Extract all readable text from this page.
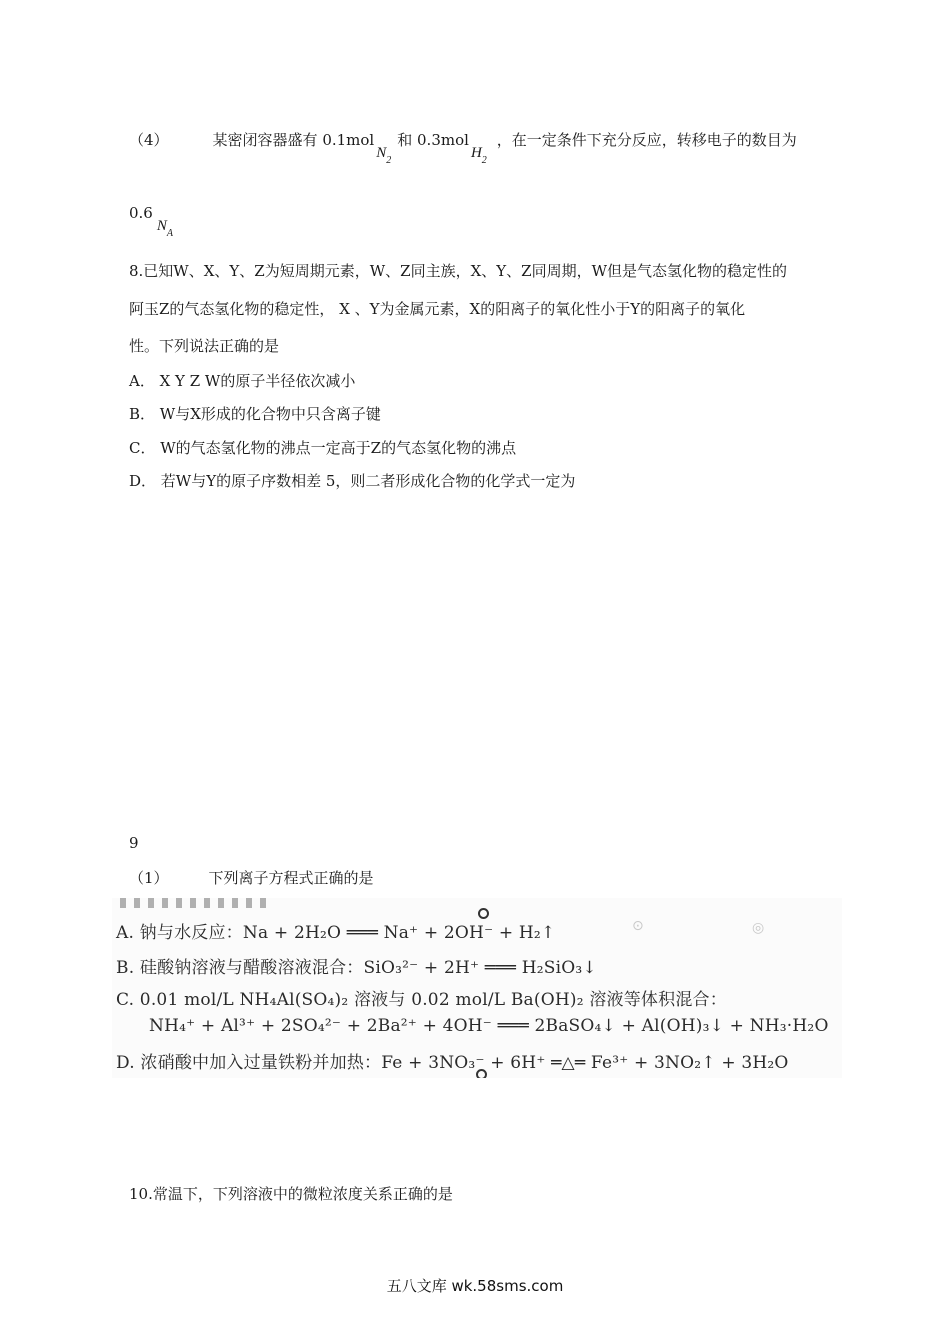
（4）	某密闭容器盛有 0.1molN$_2$和 0.3molH$_2$，在一定条件下充分反应，转移电子的数目为
$0.6N_A$
8.已知W、X、Y、Z为短周期元素，W、Z同主族，X、Y、Z同周期，W但是气态氢化物的稳定性的
阿玉Z的气态氢化物的稳定性， X 、Y为金属元素，X的阳离子的氧化性小于Y的阳离子的氧化
性。下列说法正确的是
A． X Y Z W的原子半径依次减小
B． W与X形成的化合物中只含离子键
C． W的气态氢化物的沸点一定高于Z的气态氢化物的沸点
D． 若W与Y的原子序数相差 5，则二者形成化合物的化学式一定为
9
（1）	下列离子方程式正确的是
⊙	◎
A. 钠与水反应：Na + 2H₂O ═══ Na⁺ + 2OH⁻ + H₂↑
B. 硅酸钠溶液与醋酸溶液混合：SiO₃²⁻ + 2H⁺ ═══ H₂SiO₃↓
C. 0.01 mol/L NH₄Al(SO₄)₂ 溶液与 0.02 mol/L Ba(OH)₂ 溶液等体积混合：
NH₄⁺ + Al³⁺ + 2SO₄²⁻ + 2Ba²⁺ + 4OH⁻ ═══ 2BaSO₄↓ + Al(OH)₃↓ + NH₃·H₂O
D. 浓硝酸中加入过量铁粉并加热：Fe + 3NO₃⁻ + 6H⁺ ═△═ Fe³⁺ + 3NO₂↑ + 3H₂O
10.常温下，下列溶液中的微粒浓度关系正确的是
五八文库 wk.58sms.com
